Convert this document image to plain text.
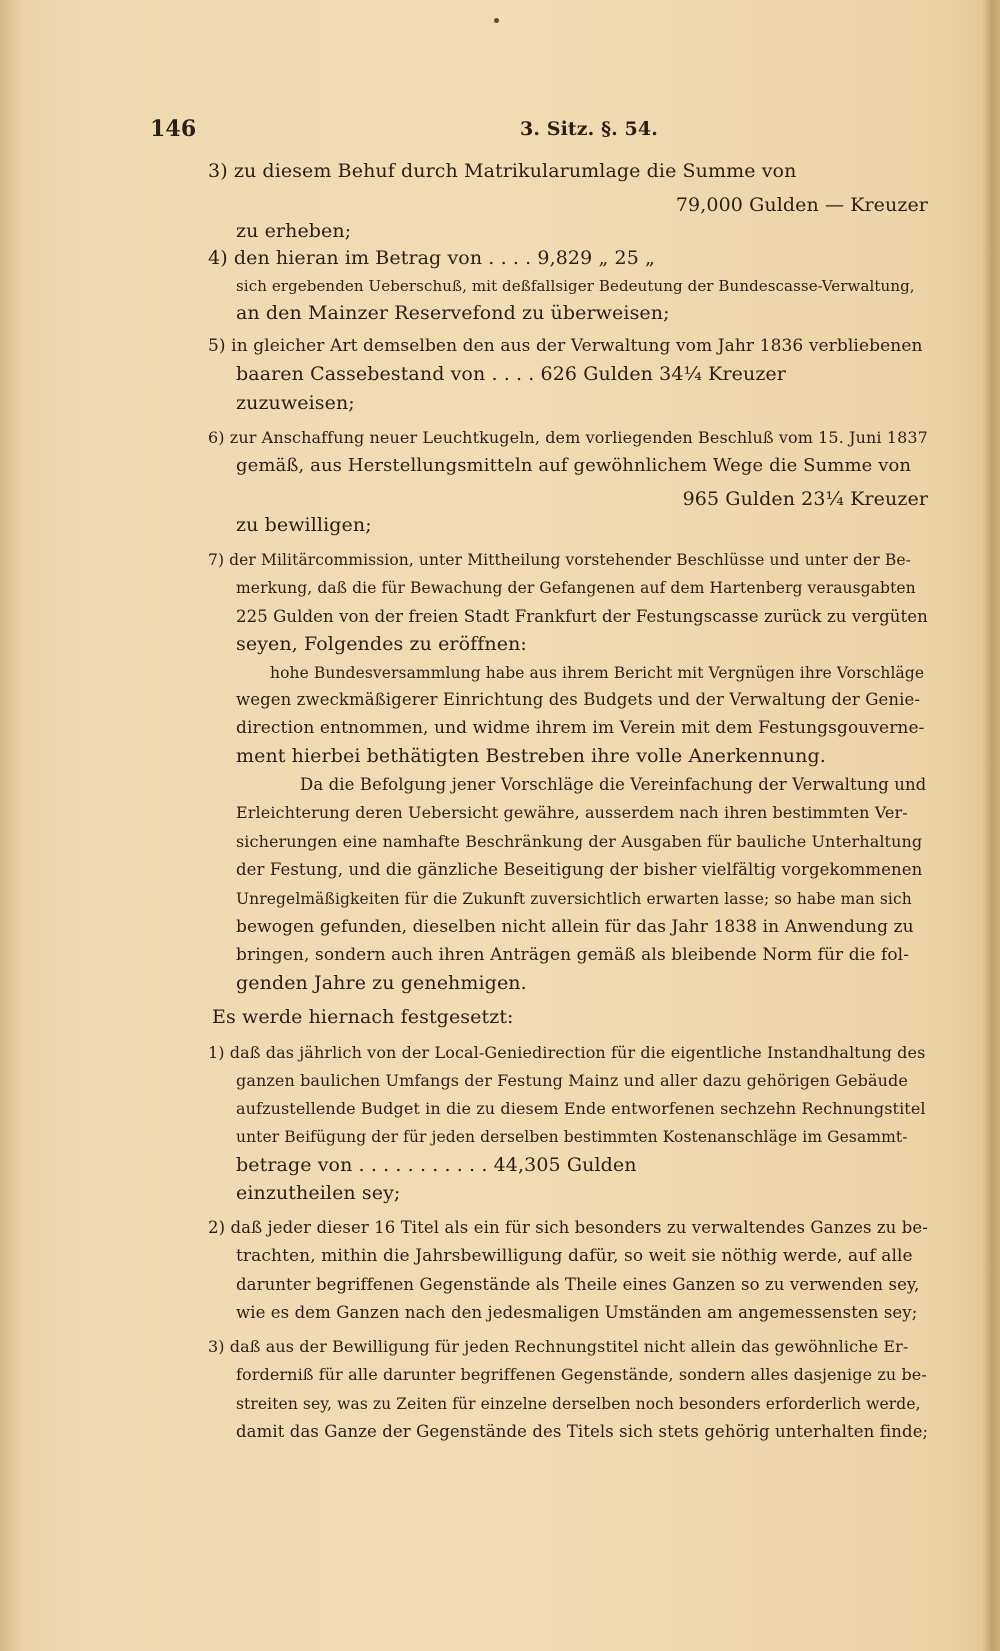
146	3. Sitz. §. 54.

3) zu diesem Behuf durch Matrikularumlage die Summe von

79,000 Gulden — Kreuzer

zu erheben;

4) den hieran im Betrag von . . . . 9,829 „ 25 „

sich ergebenden Ueberschuß, mit deßfallsiger Bedeutung der Bundescasse-Verwaltung,

an den Mainzer Reservefond zu überweisen;

5) in gleicher Art demselben den aus der Verwaltung vom Jahr 1836 verbliebenen

baaren Cassebestand von . . . . 626 Gulden 34¼ Kreuzer

zuzuweisen;

6) zur Anschaffung neuer Leuchtkugeln, dem vorliegenden Beschluß vom 15. Juni 1837

gemäß, aus Herstellungsmitteln auf gewöhnlichem Wege die Summe von

965 Gulden 23¼ Kreuzer

zu bewilligen;

7) der Militärcommission, unter Mittheilung vorstehender Beschlüsse und unter der Be-

merkung, daß die für Bewachung der Gefangenen auf dem Hartenberg verausgabten

225 Gulden von der freien Stadt Frankfurt der Festungscasse zurück zu vergüten

seyen, Folgendes zu eröffnen:

hohe Bundesversammlung habe aus ihrem Bericht mit Vergnügen ihre Vorschläge

wegen zweckmäßigerer Einrichtung des Budgets und der Verwaltung der Genie-

direction entnommen, und widme ihrem im Verein mit dem Festungsgouverne-

ment hierbei bethätigten Bestreben ihre volle Anerkennung.

Da die Befolgung jener Vorschläge die Vereinfachung der Verwaltung und

Erleichterung deren Uebersicht gewähre, ausserdem nach ihren bestimmten Ver-

sicherungen eine namhafte Beschränkung der Ausgaben für bauliche Unterhaltung

der Festung, und die gänzliche Beseitigung der bisher vielfältig vorgekommenen

Unregelmäßigkeiten für die Zukunft zuversichtlich erwarten lasse; so habe man sich

bewogen gefunden, dieselben nicht allein für das Jahr 1838 in Anwendung zu

bringen, sondern auch ihren Anträgen gemäß als bleibende Norm für die fol-

genden Jahre zu genehmigen.

Es werde hiernach festgesetzt:

1) daß das jährlich von der Local-Geniedirection für die eigentliche Instandhaltung des

ganzen baulichen Umfangs der Festung Mainz und aller dazu gehörigen Gebäude

aufzustellende Budget in die zu diesem Ende entworfenen sechzehn Rechnungstitel

unter Beifügung der für jeden derselben bestimmten Kostenanschläge im Gesammt-

betrage von . . . . . . . . . . . 44,305 Gulden

einzutheilen sey;

2) daß jeder dieser 16 Titel als ein für sich besonders zu verwaltendes Ganzes zu be-

trachten, mithin die Jahrsbewilligung dafür, so weit sie nöthig werde, auf alle

darunter begriffenen Gegenstände als Theile eines Ganzen so zu verwenden sey,

wie es dem Ganzen nach den jedesmaligen Umständen am angemessensten sey;

3) daß aus der Bewilligung für jeden Rechnungstitel nicht allein das gewöhnliche Er-

forderniß für alle darunter begriffenen Gegenstände, sondern alles dasjenige zu be-

streiten sey, was zu Zeiten für einzelne derselben noch besonders erforderlich werde,

damit das Ganze der Gegenstände des Titels sich stets gehörig unterhalten finde;
